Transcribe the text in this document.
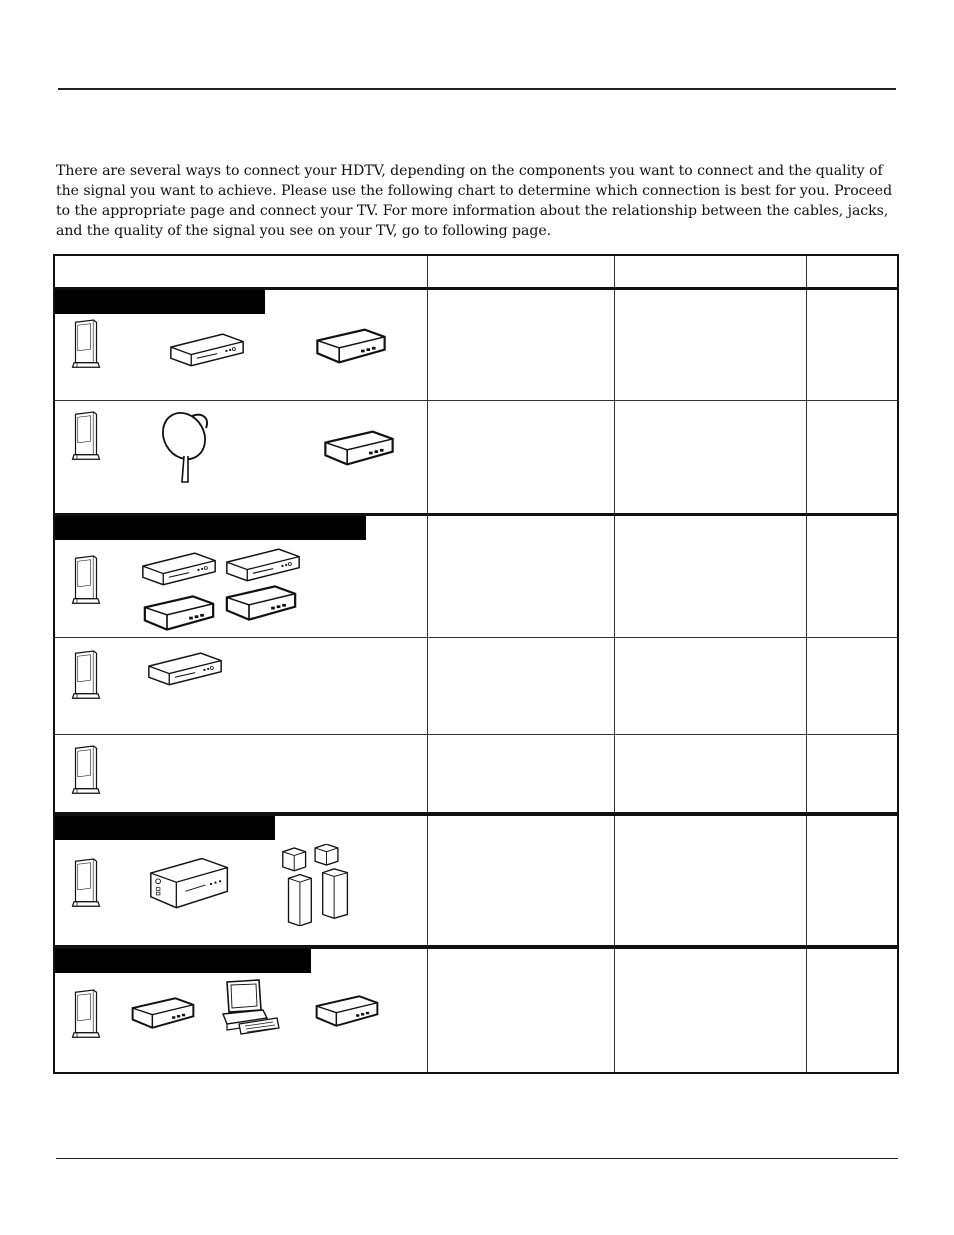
There are several ways to connect your HDTV, depending on the components you want to connect and the quality of the signal you want to achieve. Please use the following chart to determine which connection is best for you. Proceed to the appropriate page and connect your TV. For more information about the relationship between the cables, jacks, and the quality of the signal you see on your TV, go to following page.
